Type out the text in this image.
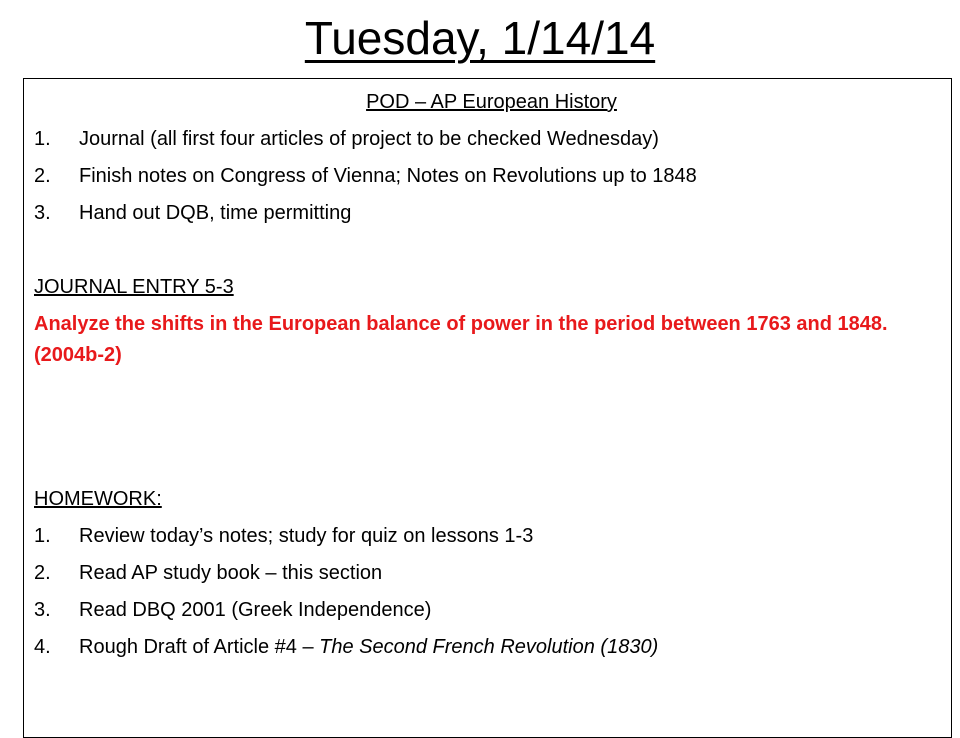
Tuesday, 1/14/14

POD – AP European History

1. Journal (all first four articles of project to be checked Wednesday)
2. Finish notes on Congress of Vienna; Notes on Revolutions up to 1848
3. Hand out DQB, time permitting

JOURNAL ENTRY 5-3

Analyze the shifts in the European balance of power in the period between 1763 and 1848. (2004b-2)

HOMEWORK:

1. Review today’s notes; study for quiz on lessons 1-3
2. Read AP study book – this section
3. Read DBQ 2001 (Greek Independence)
4. Rough Draft of Article #4 – The Second French Revolution (1830)
